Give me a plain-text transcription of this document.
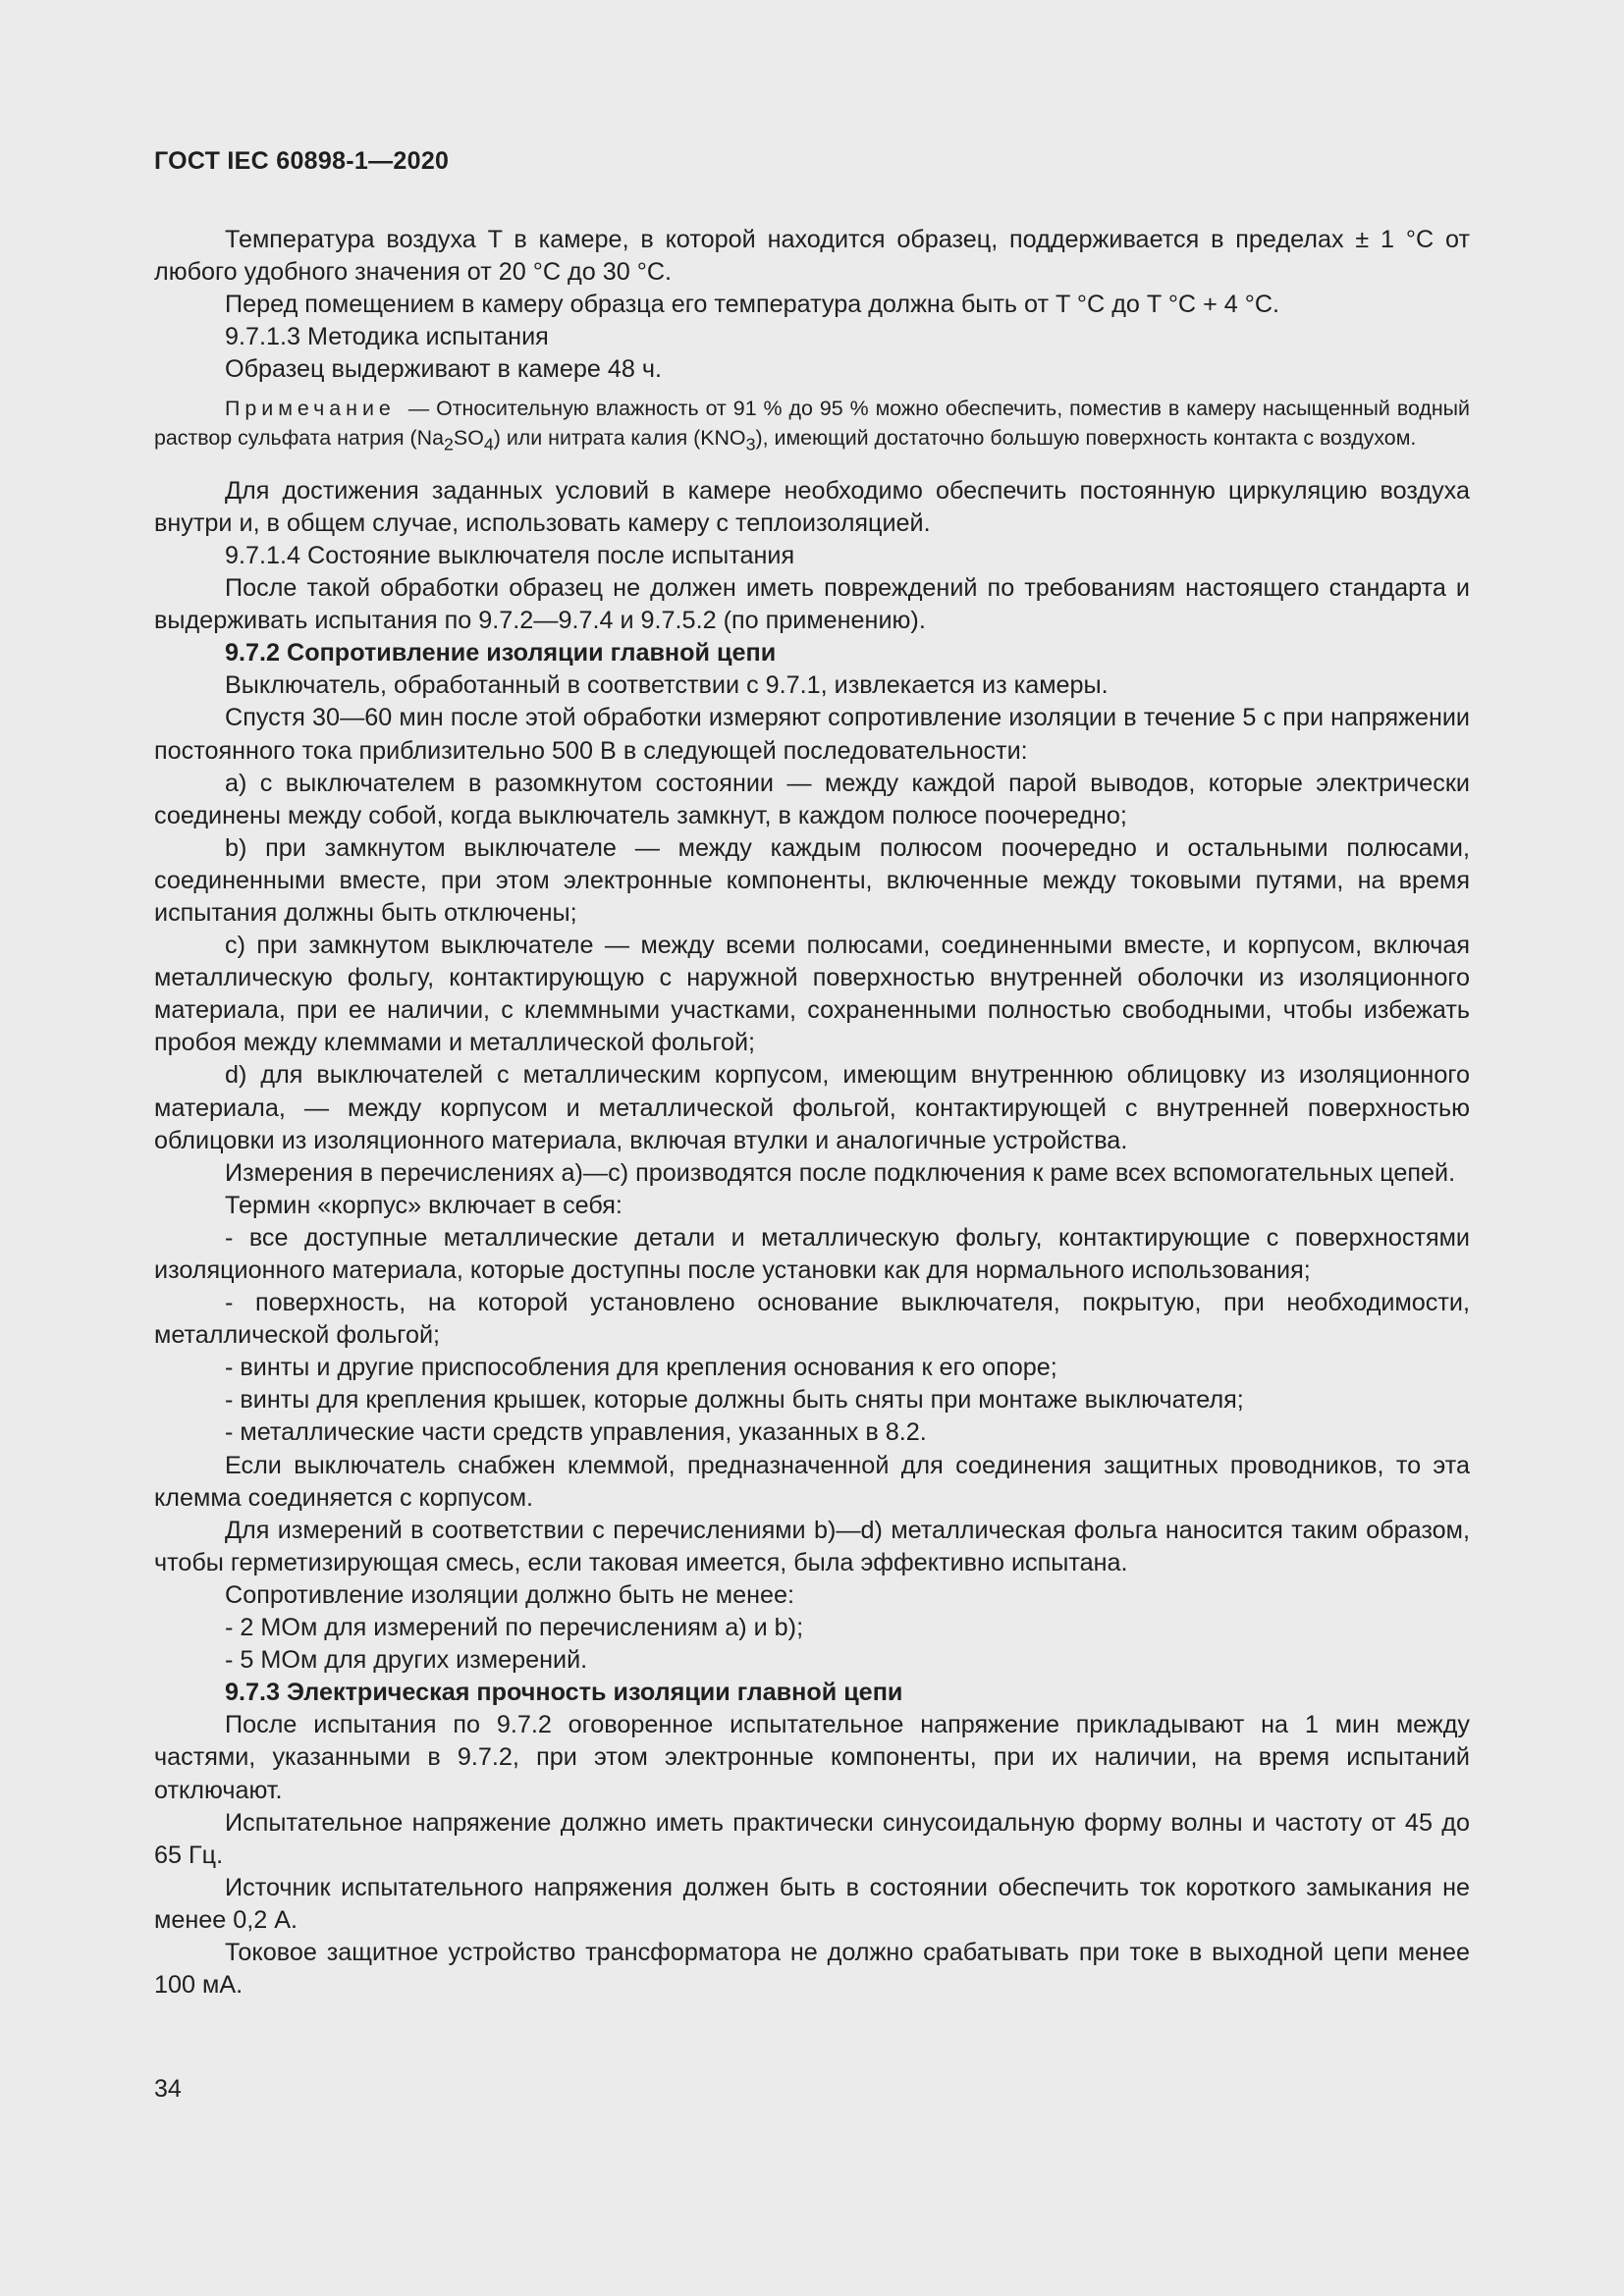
ГОСТ IEC 60898-1—2020

Температура воздуха T в камере, в которой находится образец, поддерживается в пределах ± 1 °С от любого удобного значения от 20 °С до 30 °С.

Перед помещением в камеру образца его температура должна быть от T °С до T °С + 4 °С.

9.7.1.3 Методика испытания

Образец выдерживают в камере 48 ч.

Примечание — Относительную влажность от 91 % до 95 % можно обеспечить, поместив в камеру насыщенный водный раствор сульфата натрия $(Na_2SO_4)$ или нитрата калия $(KNO_3)$, имеющий достаточно большую поверхность контакта с воздухом.

Для достижения заданных условий в камере необходимо обеспечить постоянную циркуляцию воздуха внутри и, в общем случае, использовать камеру с теплоизоляцией.

9.7.1.4 Состояние выключателя после испытания

После такой обработки образец не должен иметь повреждений по требованиям настоящего стандарта и выдерживать испытания по 9.7.2—9.7.4 и 9.7.5.2 (по применению).

9.7.2 Сопротивление изоляции главной цепи

Выключатель, обработанный в соответствии с 9.7.1, извлекается из камеры.

Спустя 30—60 мин после этой обработки измеряют сопротивление изоляции в течение 5 с при напряжении постоянного тока приблизительно 500 В в следующей последовательности:

a) с выключателем в разомкнутом состоянии — между каждой парой выводов, которые электрически соединены между собой, когда выключатель замкнут, в каждом полюсе поочередно;

b) при замкнутом выключателе — между каждым полюсом поочередно и остальными полюсами, соединенными вместе, при этом электронные компоненты, включенные между токовыми путями, на время испытания должны быть отключены;

c) при замкнутом выключателе — между всеми полюсами, соединенными вместе, и корпусом, включая металлическую фольгу, контактирующую с наружной поверхностью внутренней оболочки из изоляционного материала, при ее наличии, с клеммными участками, сохраненными полностью свободными, чтобы избежать пробоя между клеммами и металлической фольгой;

d) для выключателей с металлическим корпусом, имеющим внутреннюю облицовку из изоляционного материала, — между корпусом и металлической фольгой, контактирующей с внутренней поверхностью облицовки из изоляционного материала, включая втулки и аналогичные устройства.

Измерения в перечислениях a)—c) производятся после подключения к раме всех вспомогательных цепей.

Термин «корпус» включает в себя:

- все доступные металлические детали и металлическую фольгу, контактирующие с поверхностями изоляционного материала, которые доступны после установки как для нормального использования;

- поверхность, на которой установлено основание выключателя, покрытую, при необходимости, металлической фольгой;

- винты и другие приспособления для крепления основания к его опоре;

- винты для крепления крышек, которые должны быть сняты при монтаже выключателя;

- металлические части средств управления, указанных в 8.2.

Если выключатель снабжен клеммой, предназначенной для соединения защитных проводников, то эта клемма соединяется с корпусом.

Для измерений в соответствии с перечислениями b)—d) металлическая фольга наносится таким образом, чтобы герметизирующая смесь, если таковая имеется, была эффективно испытана.

Сопротивление изоляции должно быть не менее:

- 2 МОм для измерений по перечислениям a) и b);

- 5 МОм для других измерений.

9.7.3 Электрическая прочность изоляции главной цепи

После испытания по 9.7.2 оговоренное испытательное напряжение прикладывают на 1 мин между частями, указанными в 9.7.2, при этом электронные компоненты, при их наличии, на время испытаний отключают.

Испытательное напряжение должно иметь практически синусоидальную форму волны и частоту от 45 до 65 Гц.

Источник испытательного напряжения должен быть в состоянии обеспечить ток короткого замыкания не менее 0,2 А.

Токовое защитное устройство трансформатора не должно срабатывать при токе в выходной цепи менее 100 мА.

34
